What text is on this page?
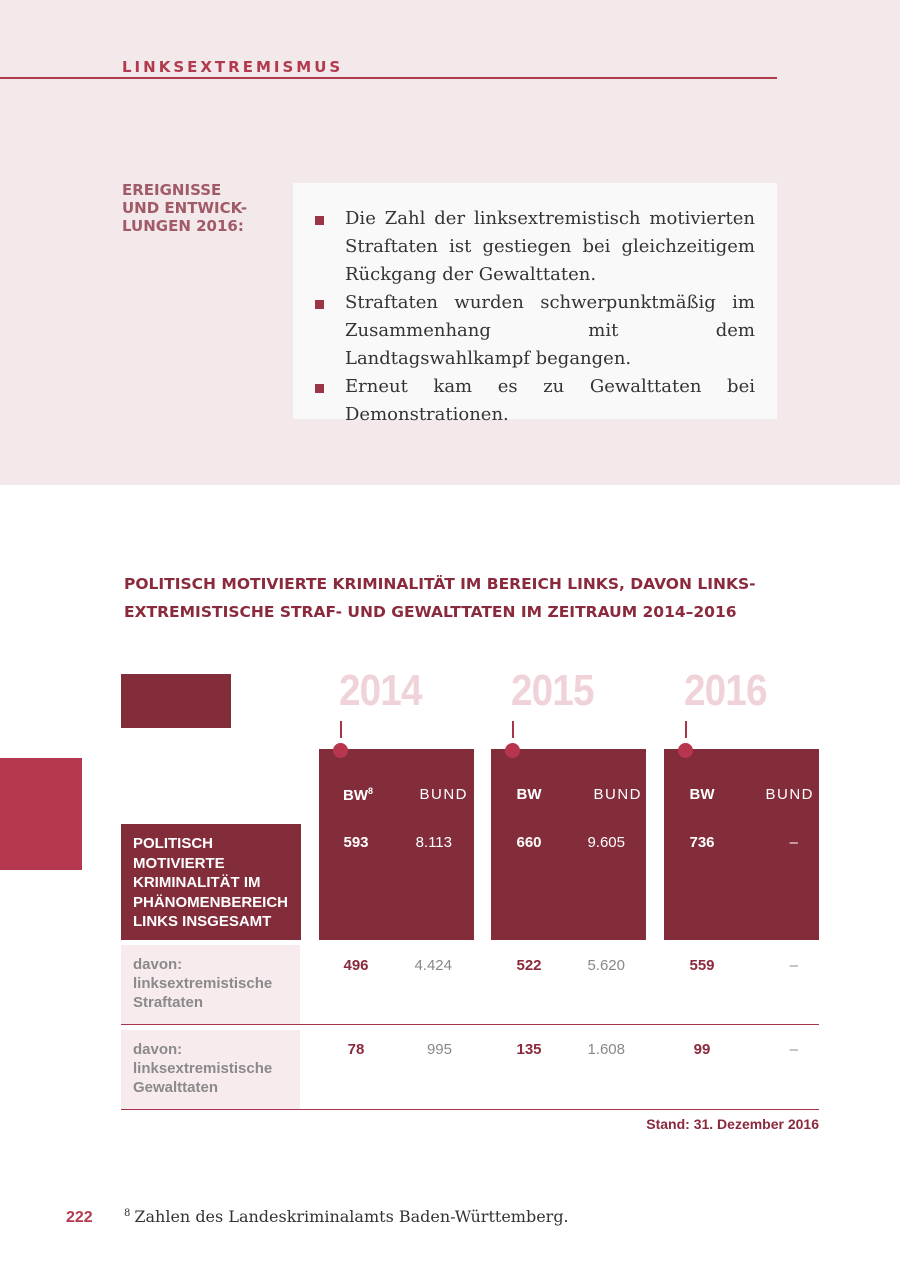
LINKSEXTREMISMUS
EREIGNISSE
UND ENTWICK-
LUNGEN 2016:	Die Zahl der linksextremistisch motivierten Straftaten ist gestiegen bei gleichzeitigem Rückgang der Gewalttaten.
Straftaten wurden schwerpunktmäßig im Zusammenhang mit dem Landtagswahlkampf begangen.
Erneut kam es zu Gewalttaten bei Demonstrationen.
POLITISCH MOTIVIERTE KRIMINALITÄT IM BEREICH LINKS, DAVON LINKS-
EXTREMISTISCHE STRAF- UND GEWALTTATEN IM ZEITRAUM 2014–2016
2014	2015	2016
$BW^8$	BUND	BW	BUND	BW	BUND
POLITISCH MOTIVIERTE
KRIMINALITÄT IM
PHÄNOMENBEREICH
LINKS INSGESAMT
593	8.113	660	9.605	736	–
davon:
linksextremistische
Straftaten
496	4.424	522	5.620	559	–
davon:
linksextremistische
Gewalttaten
78	995	135	1.608	99	–
Stand: 31. Dezember 2016
222	$^8$ Zahlen des Landeskriminalamts Baden-Württemberg.
